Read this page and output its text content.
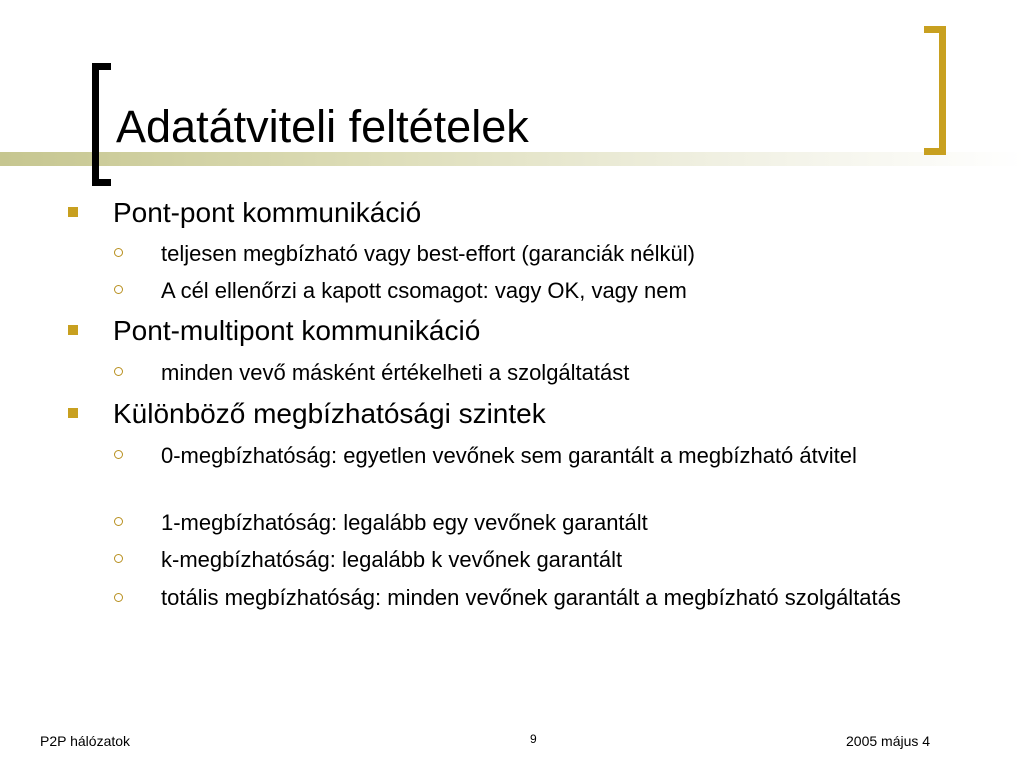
Adatátviteli feltételek
Pont-pont kommunikáció
teljesen megbízható vagy best-effort (garanciák nélkül)
A cél ellenőrzi a kapott csomagot: vagy OK, vagy nem
Pont-multipont kommunikáció
minden vevő másként értékelheti a szolgáltatást
Különböző megbízhatósági szintek
0-megbízhatóság: egyetlen vevőnek sem garantált a megbízható átvitel
1-megbízhatóság: legalább egy vevőnek garantált
k-megbízhatóság: legalább k vevőnek garantált
totális megbízhatóság: minden vevőnek garantált a megbízható szolgáltatás
P2P hálózatok	9	2005 május 4
